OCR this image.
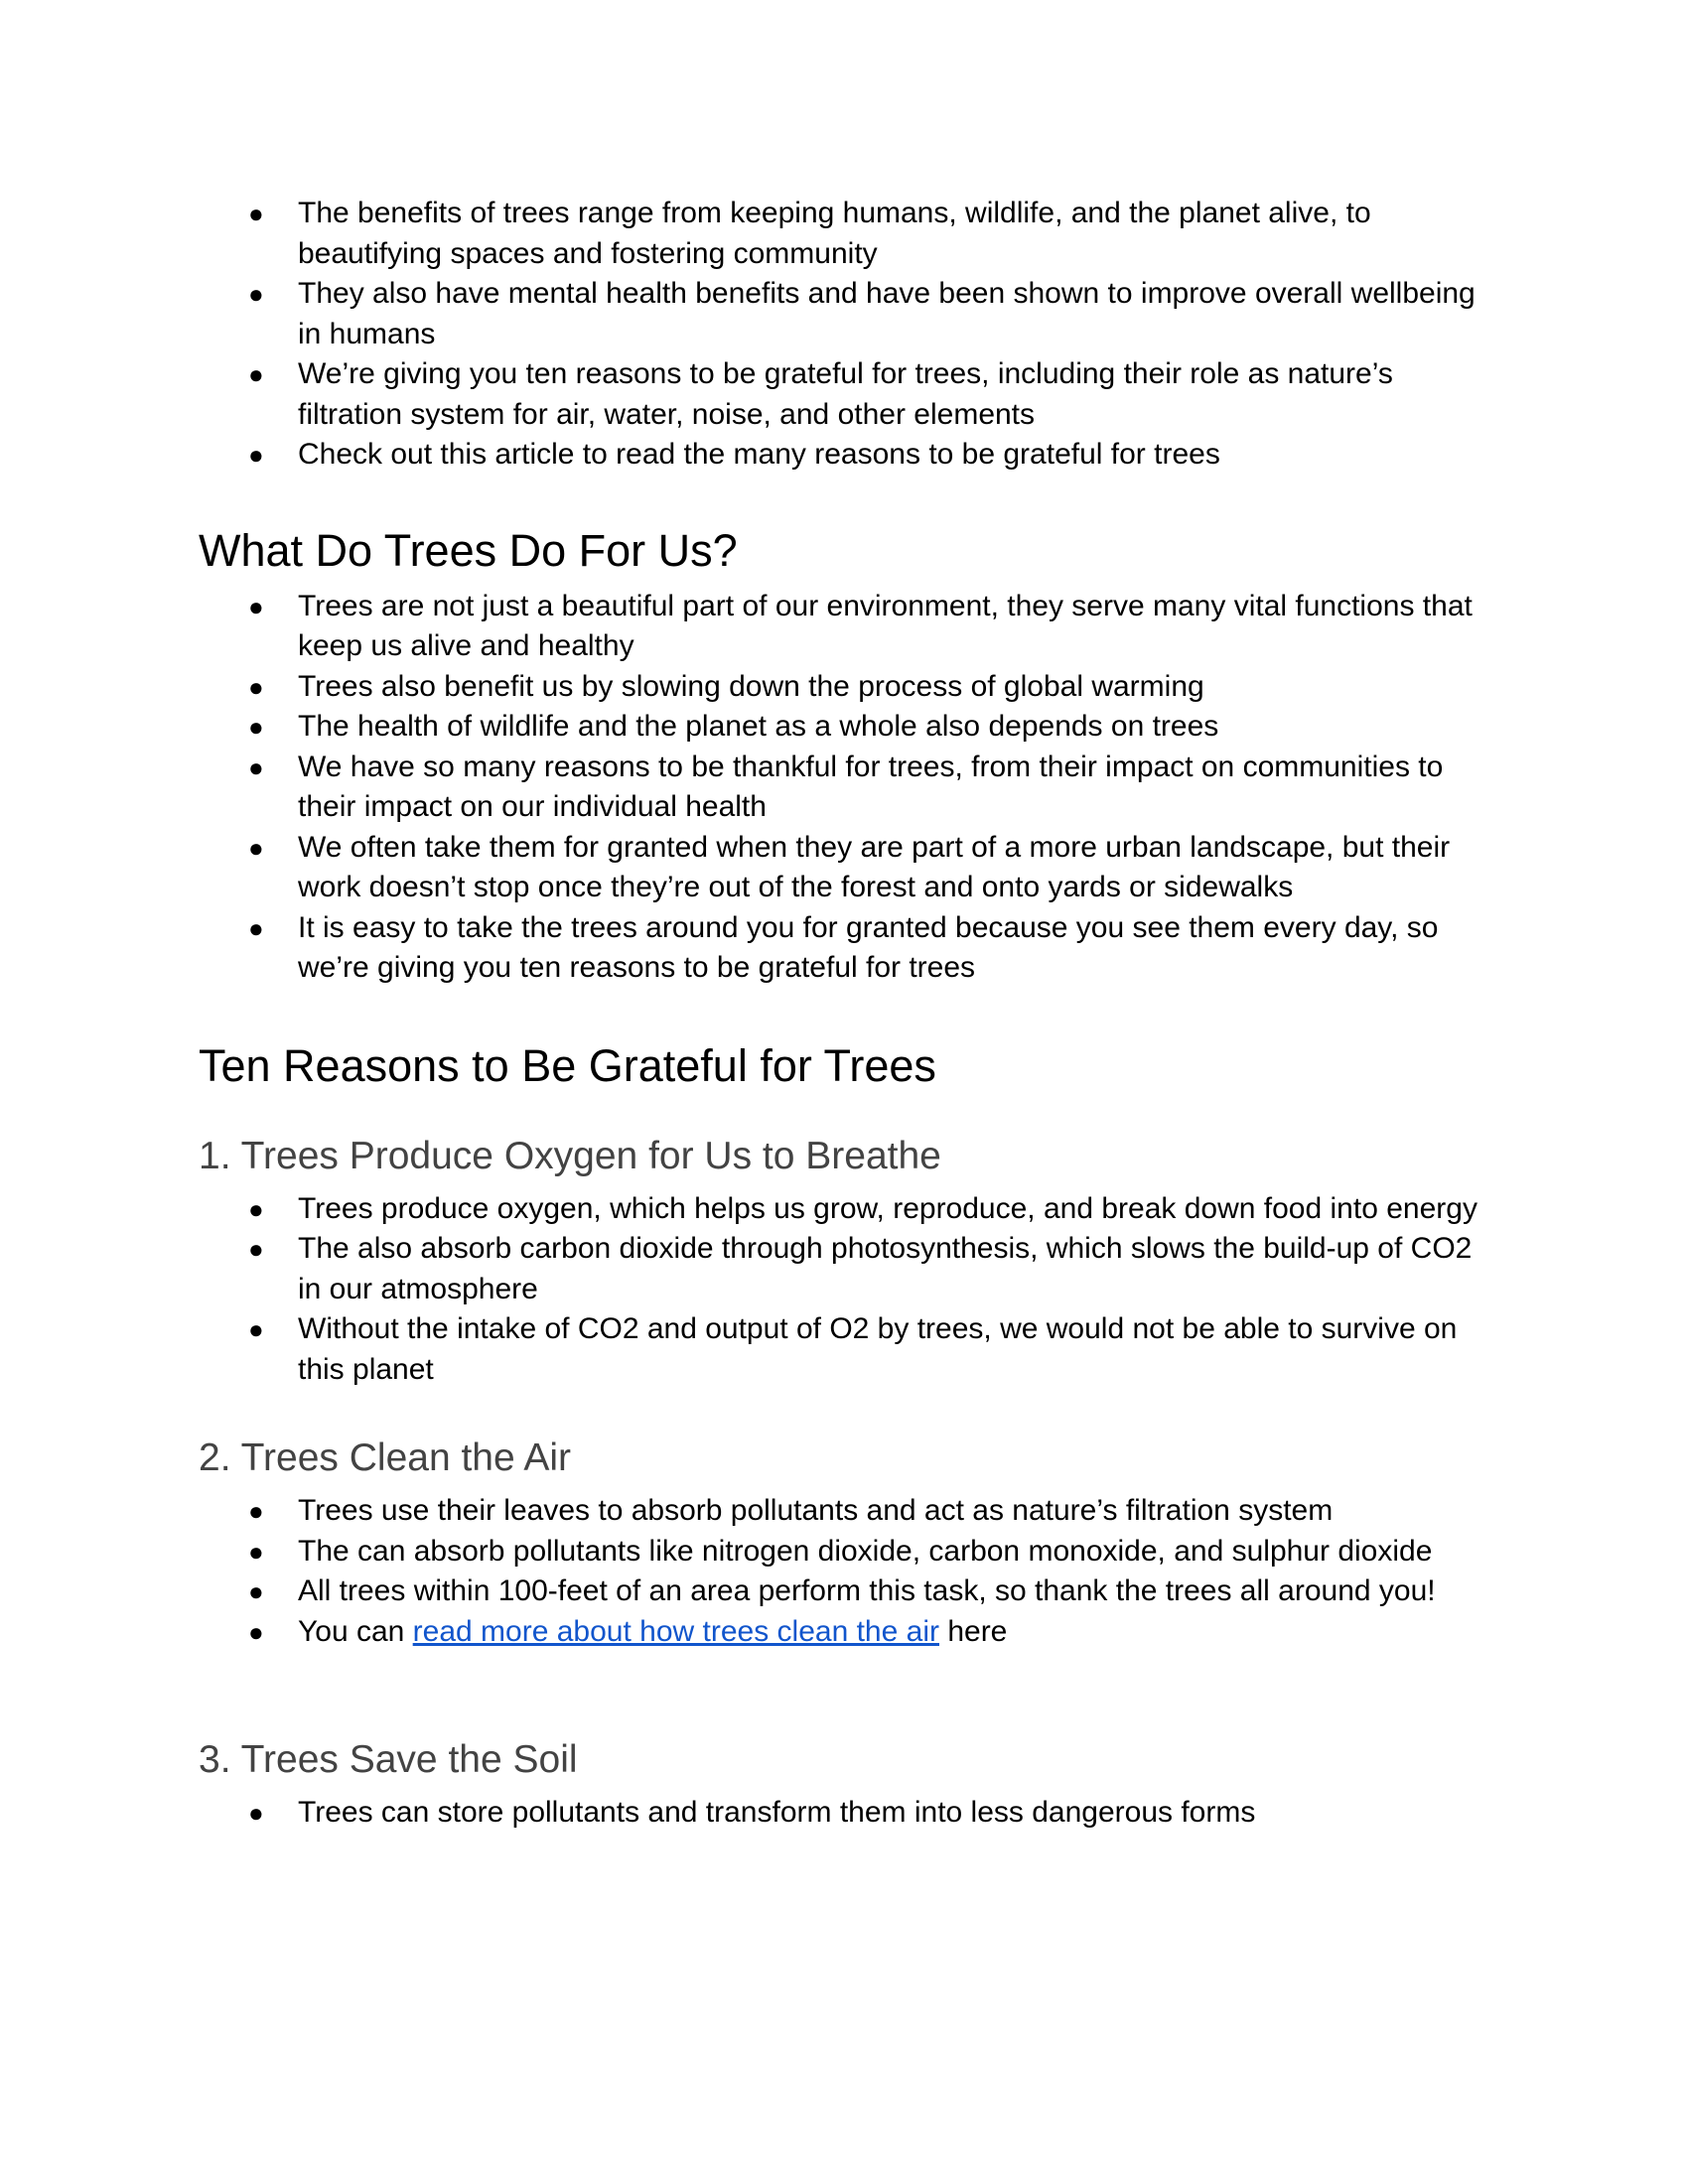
● The benefits of trees range from keeping humans, wildlife, and the planet alive, to beautifying spaces and fostering community
● They also have mental health benefits and have been shown to improve overall wellbeing in humans
● We’re giving you ten reasons to be grateful for trees, including their role as nature’s filtration system for air, water, noise, and other elements
● Check out this article to read the many reasons to be grateful for trees
What Do Trees Do For Us?
● Trees are not just a beautiful part of our environment, they serve many vital functions that keep us alive and healthy
● Trees also benefit us by slowing down the process of global warming
● The health of wildlife and the planet as a whole also depends on trees
● We have so many reasons to be thankful for trees, from their impact on communities to their impact on our individual health
● We often take them for granted when they are part of a more urban landscape, but their work doesn’t stop once they’re out of the forest and onto yards or sidewalks
● It is easy to take the trees around you for granted because you see them every day, so we’re giving you ten reasons to be grateful for trees
Ten Reasons to Be Grateful for Trees
1. Trees Produce Oxygen for Us to Breathe
● Trees produce oxygen, which helps us grow, reproduce, and break down food into energy
● The also absorb carbon dioxide through photosynthesis, which slows the build-up of CO2 in our atmosphere
● Without the intake of CO2 and output of O2 by trees, we would not be able to survive on this planet
2. Trees Clean the Air
● Trees use their leaves to absorb pollutants and act as nature’s filtration system
● The can absorb pollutants like nitrogen dioxide, carbon monoxide, and sulphur dioxide
● All trees within 100-feet of an area perform this task, so thank the trees all around you!
● You can read more about how trees clean the air here
3. Trees Save the Soil
● Trees can store pollutants and transform them into less dangerous forms
